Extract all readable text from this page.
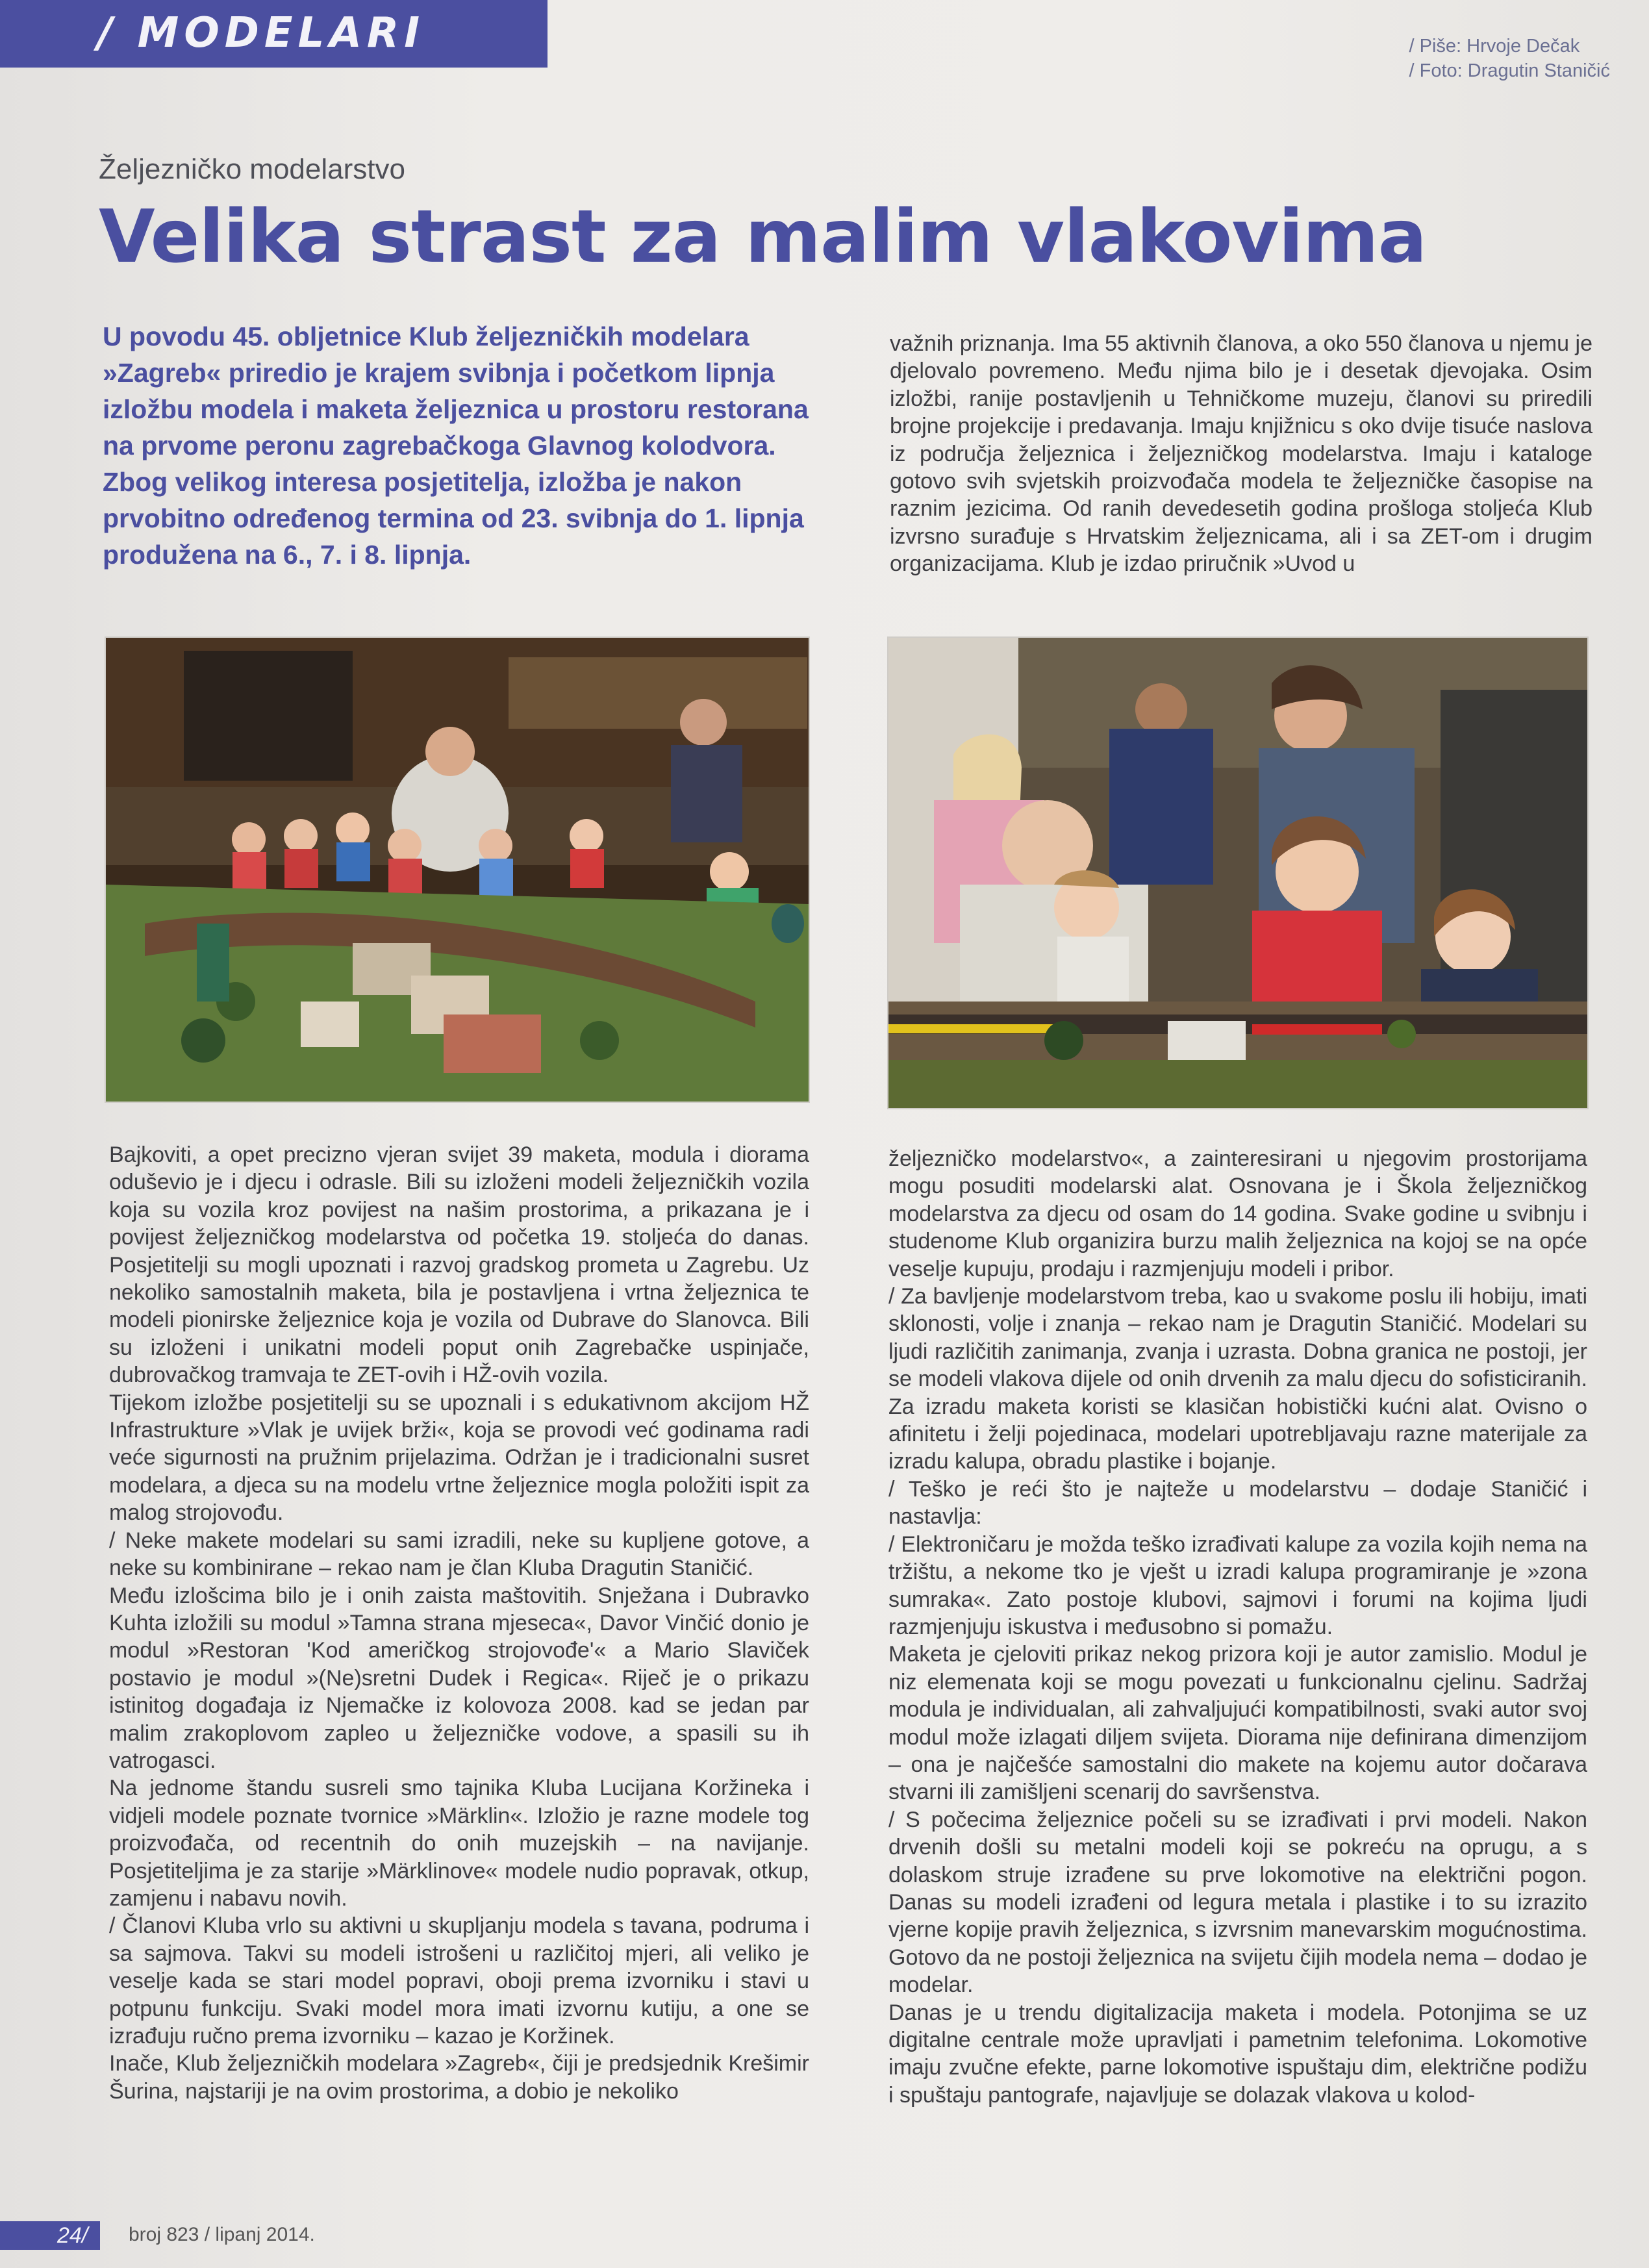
/ MODELARI	/ Piše: Hrvoje Dečak
/ Foto: Dragutin Staničić
Željezničko modelarstvo
Velika strast za malim vlakovima
U povodu 45. obljetnice Klub željezničkih modelara »Zagreb« priredio je krajem svibnja i početkom lipnja izložbu modela i maketa željeznica u prostoru restorana na prvome peronu zagrebačkoga Glavnog kolodvora. Zbog velikog interesa posjetitelja, izložba je nakon prvobitno određenog termina od 23. svibnja do 1. lipnja produžena na 6., 7. i 8. lipnja.

važnih priznanja. Ima 55 aktivnih članova, a oko 550 članova u njemu je djelovalo povremeno. Među njima bilo je i desetak djevojaka. Osim izložbi, ranije postavljenih u Tehničkome muzeju, članovi su priredili brojne projekcije i predavanja. Imaju knjižnicu s oko dvije tisuće naslova iz područja željeznica i željezničkog modelarstva. Imaju i kataloge gotovo svih svjetskih proizvođača modela te željezničke časopise na raznim jezicima. Od ranih devedesetih godina prošloga stoljeća Klub izvrsno surađuje s Hrvatskim željeznicama, ali i sa ZET-om i drugim organizacijama. Klub je izdao priručnik »Uvod u

Bajkoviti, a opet precizno vjeran svijet 39 maketa, modula i diorama oduševio je i djecu i odrasle. Bili su izloženi modeli željezničkih vozila koja su vozila kroz povijest na našim prostorima, a prikazana je i povijest željezničkog modelarstva od početka 19. stoljeća do danas. Posjetitelji su mogli upoznati i razvoj gradskog prometa u Zagrebu. Uz nekoliko samostalnih maketa, bila je postavljena i vrtna željeznica te modeli pionirske željeznice koja je vozila od Dubrave do Slanovca. Bili su izloženi i unikatni modeli poput onih Zagrebačke uspinjače, dubrovačkog tramvaja te ZET-ovih i HŽ-ovih vozila.

Tijekom izložbe posjetitelji su se upoznali i s edukativnom akcijom HŽ Infrastrukture »Vlak je uvijek brži«, koja se provodi već godinama radi veće sigurnosti na pružnim prijelazima. Održan je i tradicionalni susret modelara, a djeca su na modelu vrtne željeznice mogla položiti ispit za malog strojovođu.

/ Neke makete modelari su sami izradili, neke su kupljene gotove, a neke su kombinirane – rekao nam je član Kluba Dragutin Staničić.

Među izlošcima bilo je i onih zaista maštovitih. Snježana i Dubravko Kuhta izložili su modul »Tamna strana mjeseca«, Davor Vinčić donio je modul »Restoran 'Kod američkog strojovođe'« a Mario Slaviček postavio je modul »(Ne)sretni Dudek i Regica«. Riječ je o prikazu istinitog događaja iz Njemačke iz kolovoza 2008. kad se jedan par malim zrakoplovom zapleo u željezničke vodove, a spasili su ih vatrogasci.

Na jednome štandu susreli smo tajnika Kluba Lucijana Koržineka i vidjeli modele poznate tvornice »Märklin«. Izložio je razne modele tog proizvođača, od recentnih do onih muzejskih – na navijanje. Posjetiteljima je za starije »Märklinove« modele nudio popravak, otkup, zamjenu i nabavu novih.

/ Članovi Kluba vrlo su aktivni u skupljanju modela s tavana, podruma i sa sajmova. Takvi su modeli istrošeni u različitoj mjeri, ali veliko je veselje kada se stari model popravi, oboji prema izvorniku i stavi u potpunu funkciju. Svaki model mora imati izvornu kutiju, a one se izrađuju ručno prema izvorniku – kazao je Koržinek.

Inače, Klub željezničkih modelara »Zagreb«, čiji je predsjednik Krešimir Šurina, najstariji je na ovim prostorima, a dobio je nekoliko

željezničko modelarstvo«, a zainteresirani u njegovim prostorijama mogu posuditi modelarski alat. Osnovana je i Škola željezničkog modelarstva za djecu od osam do 14 godina. Svake godine u svibnju i studenome Klub organizira burzu malih željeznica na kojoj se na opće veselje kupuju, prodaju i razmjenjuju modeli i pribor.

/ Za bavljenje modelarstvom treba, kao u svakome poslu ili hobiju, imati sklonosti, volje i znanja – rekao nam je Dragutin Staničić. Modelari su ljudi različitih zanimanja, zvanja i uzrasta. Dobna granica ne postoji, jer se modeli vlakova dijele od onih drvenih za malu djecu do sofisticiranih. Za izradu maketa koristi se klasičan hobistički kućni alat. Ovisno o afinitetu i želji pojedinaca, modelari upotrebljavaju razne materijale za izradu kalupa, obradu plastike i bojanje.

/ Teško je reći što je najteže u modelarstvu – dodaje Staničić i nastavlja:

/ Elektroničaru je možda teško izrađivati kalupe za vozila kojih nema na tržištu, a nekome tko je vješt u izradi kalupa programiranje je »zona sumraka«. Zato postoje klubovi, sajmovi i forumi na kojima ljudi razmjenjuju iskustva i međusobno si pomažu.

Maketa je cjeloviti prikaz nekog prizora koji je autor zamislio. Modul je niz elemenata koji se mogu povezati u funkcionalnu cjelinu. Sadržaj modula je individualan, ali zahvaljujući kompatibilnosti, svaki autor svoj modul može izlagati diljem svijeta. Diorama nije definirana dimenzijom – ona je najčešće samostalni dio makete na kojemu autor dočarava stvarni ili zamišljeni scenarij do savršenstva.

/ S počecima željeznice počeli su se izrađivati i prvi modeli. Nakon drvenih došli su metalni modeli koji se pokreću na oprugu, a s dolaskom struje izrađene su prve lokomotive na električni pogon. Danas su modeli izrađeni od legura metala i plastike i to su izrazito vjerne kopije pravih željeznica, s izvrsnim manevarskim mogućnostima. Gotovo da ne postoji željeznica na svijetu čijih modela nema – dodao je modelar.

Danas je u trendu digitalizacija maketa i modela. Potonjima se uz digitalne centrale može upravljati i pametnim telefonima. Lokomotive imaju zvučne efekte, parne lokomotive ispuštaju dim, električne podižu i spuštaju pantografe, najavljuje se dolazak vlakova u kolod-

24/	broj 823 / lipanj 2014.
